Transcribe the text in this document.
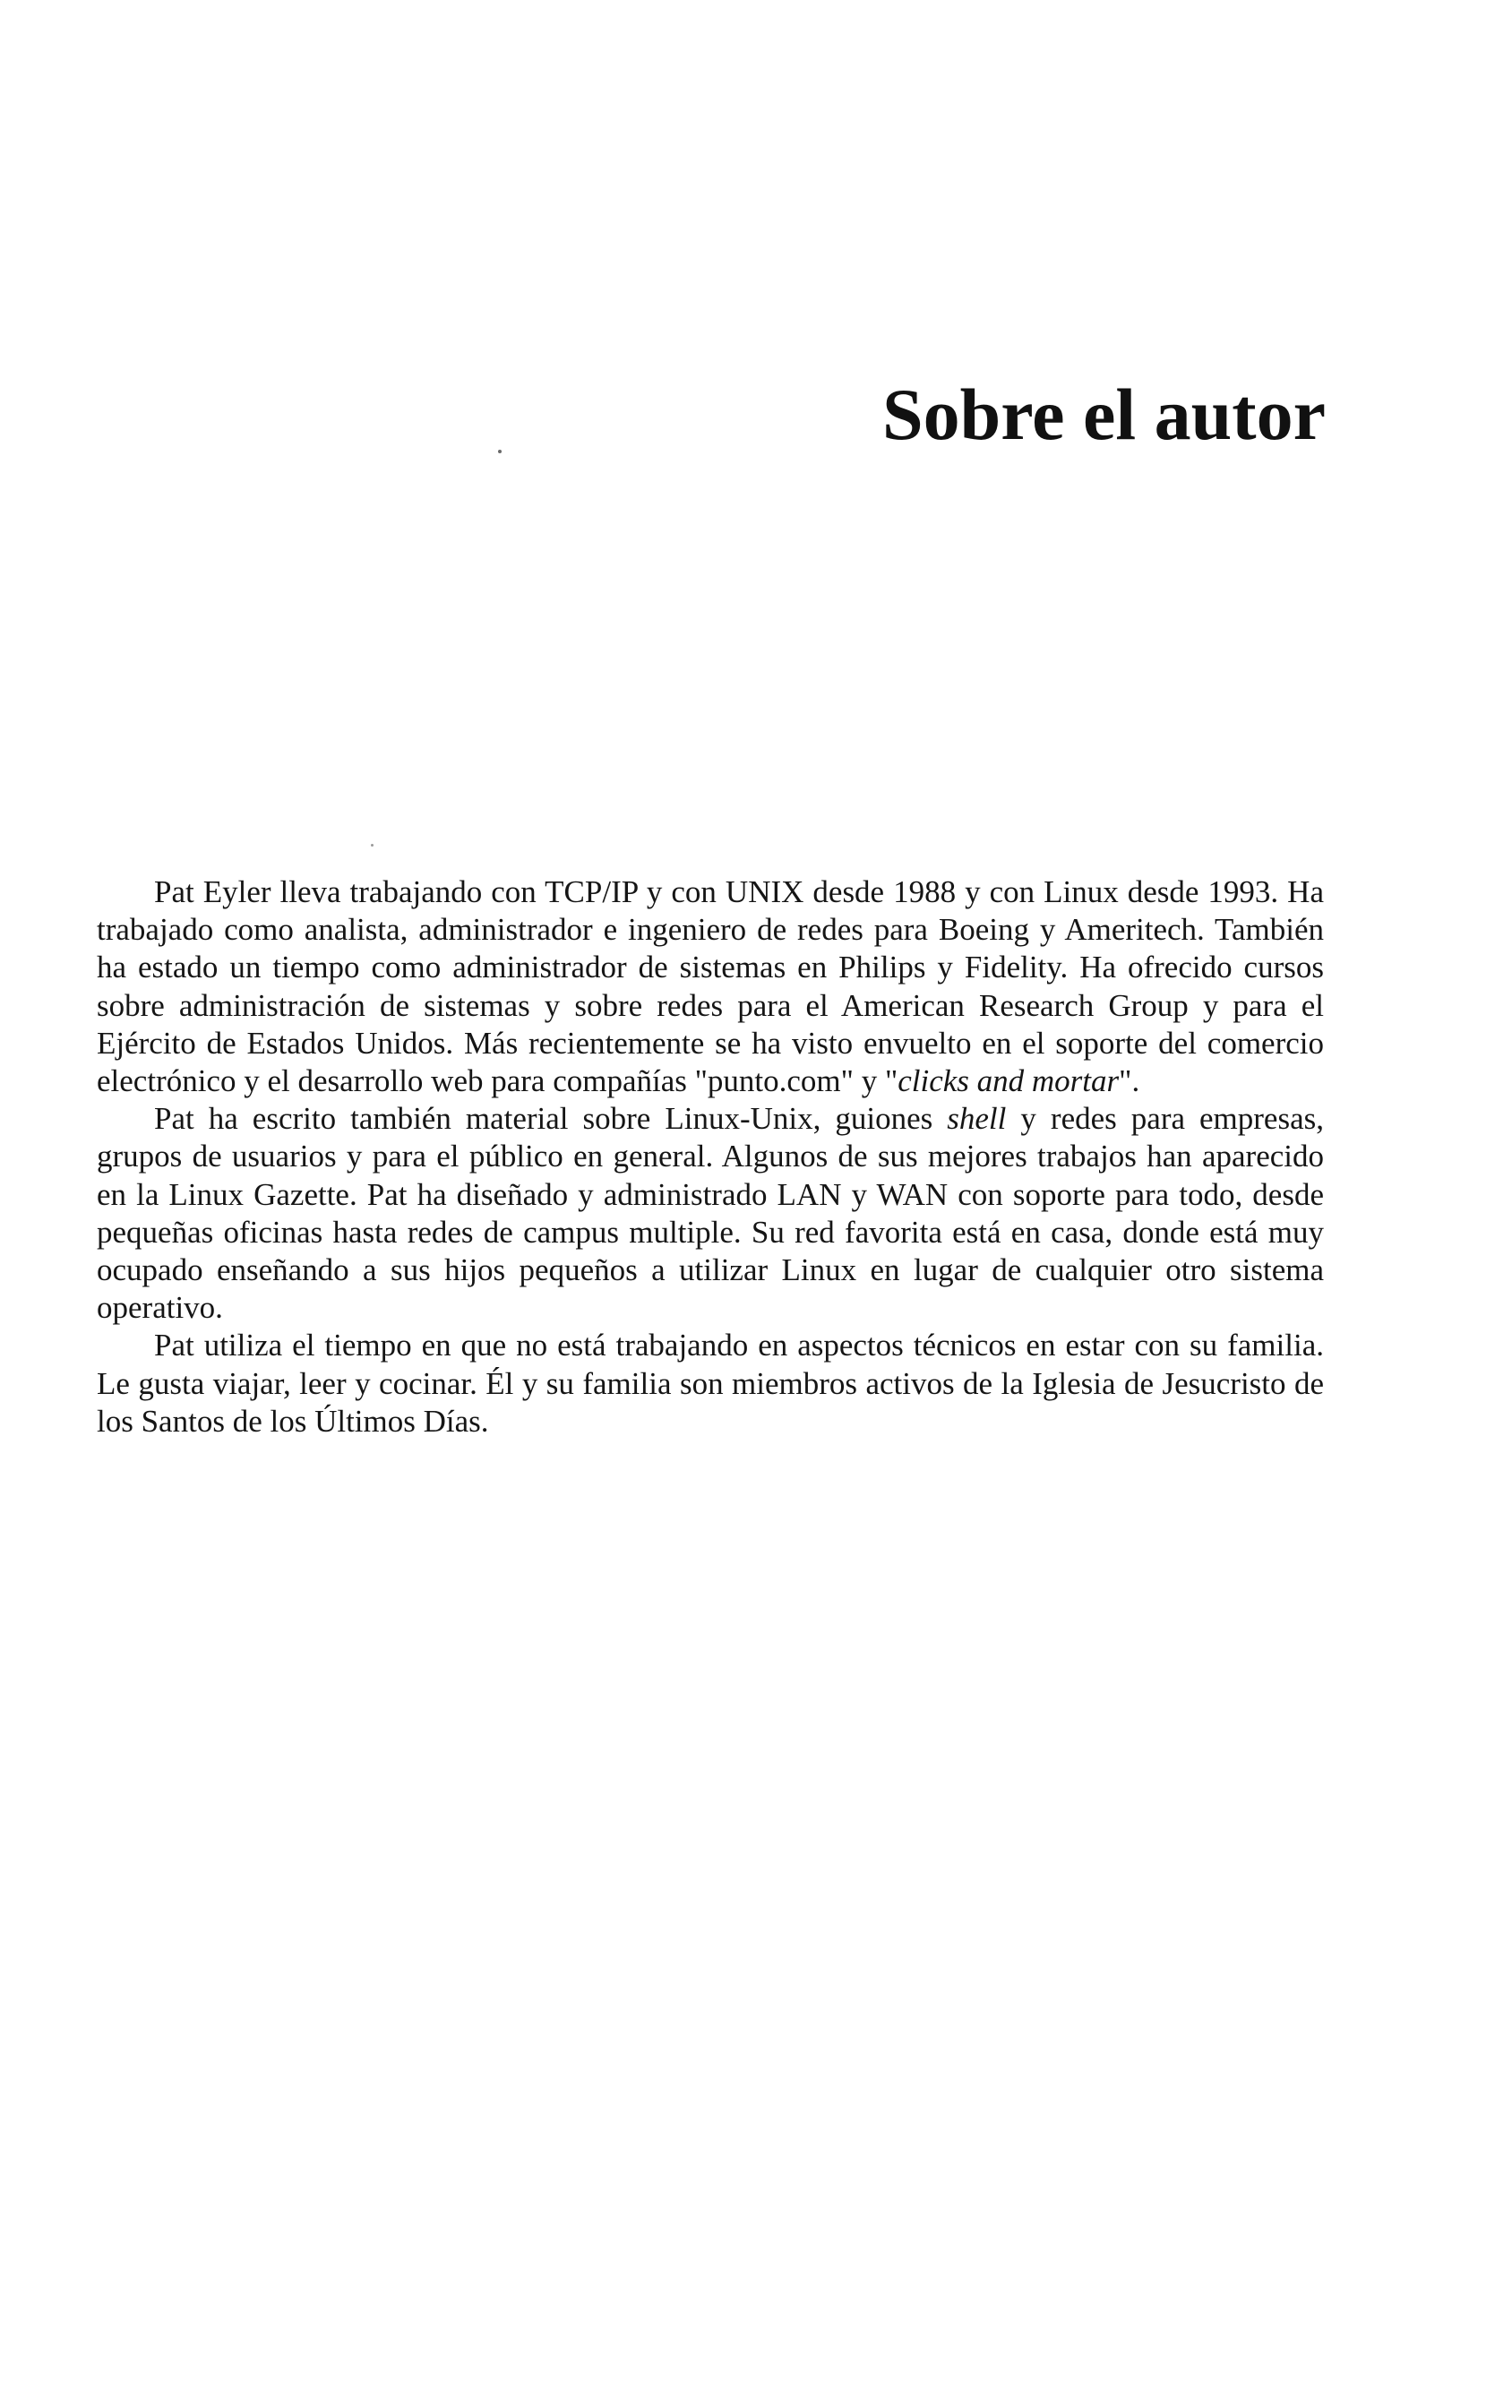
Sobre el autor

Pat Eyler lleva trabajando con TCP/IP y con UNIX desde 1988 y con Linux desde 1993. Ha trabajado como analista, administrador e ingeniero de redes para Boeing y Ameritech. También ha estado un tiempo como administrador de sistemas en Philips y Fidelity. Ha ofrecido cursos sobre administración de sistemas y sobre redes para el American Research Group y para el Ejército de Estados Unidos. Más recientemente se ha visto envuelto en el soporte del comercio electrónico y el desarrollo web para compañías "punto.com" y "clicks and mortar".

Pat ha escrito también material sobre Linux-Unix, guiones shell y redes para empresas, grupos de usuarios y para el público en general. Algunos de sus mejores trabajos han aparecido en la Linux Gazette. Pat ha diseñado y administrado LAN y WAN con soporte para todo, desde pequeñas oficinas hasta redes de campus multiple. Su red favorita está en casa, donde está muy ocupado enseñando a sus hijos pequeños a utilizar Linux en lugar de cualquier otro sistema operativo.

Pat utiliza el tiempo en que no está trabajando en aspectos técnicos en estar con su familia. Le gusta viajar, leer y cocinar. Él y su familia son miembros activos de la Iglesia de Jesucristo de los Santos de los Últimos Días.
